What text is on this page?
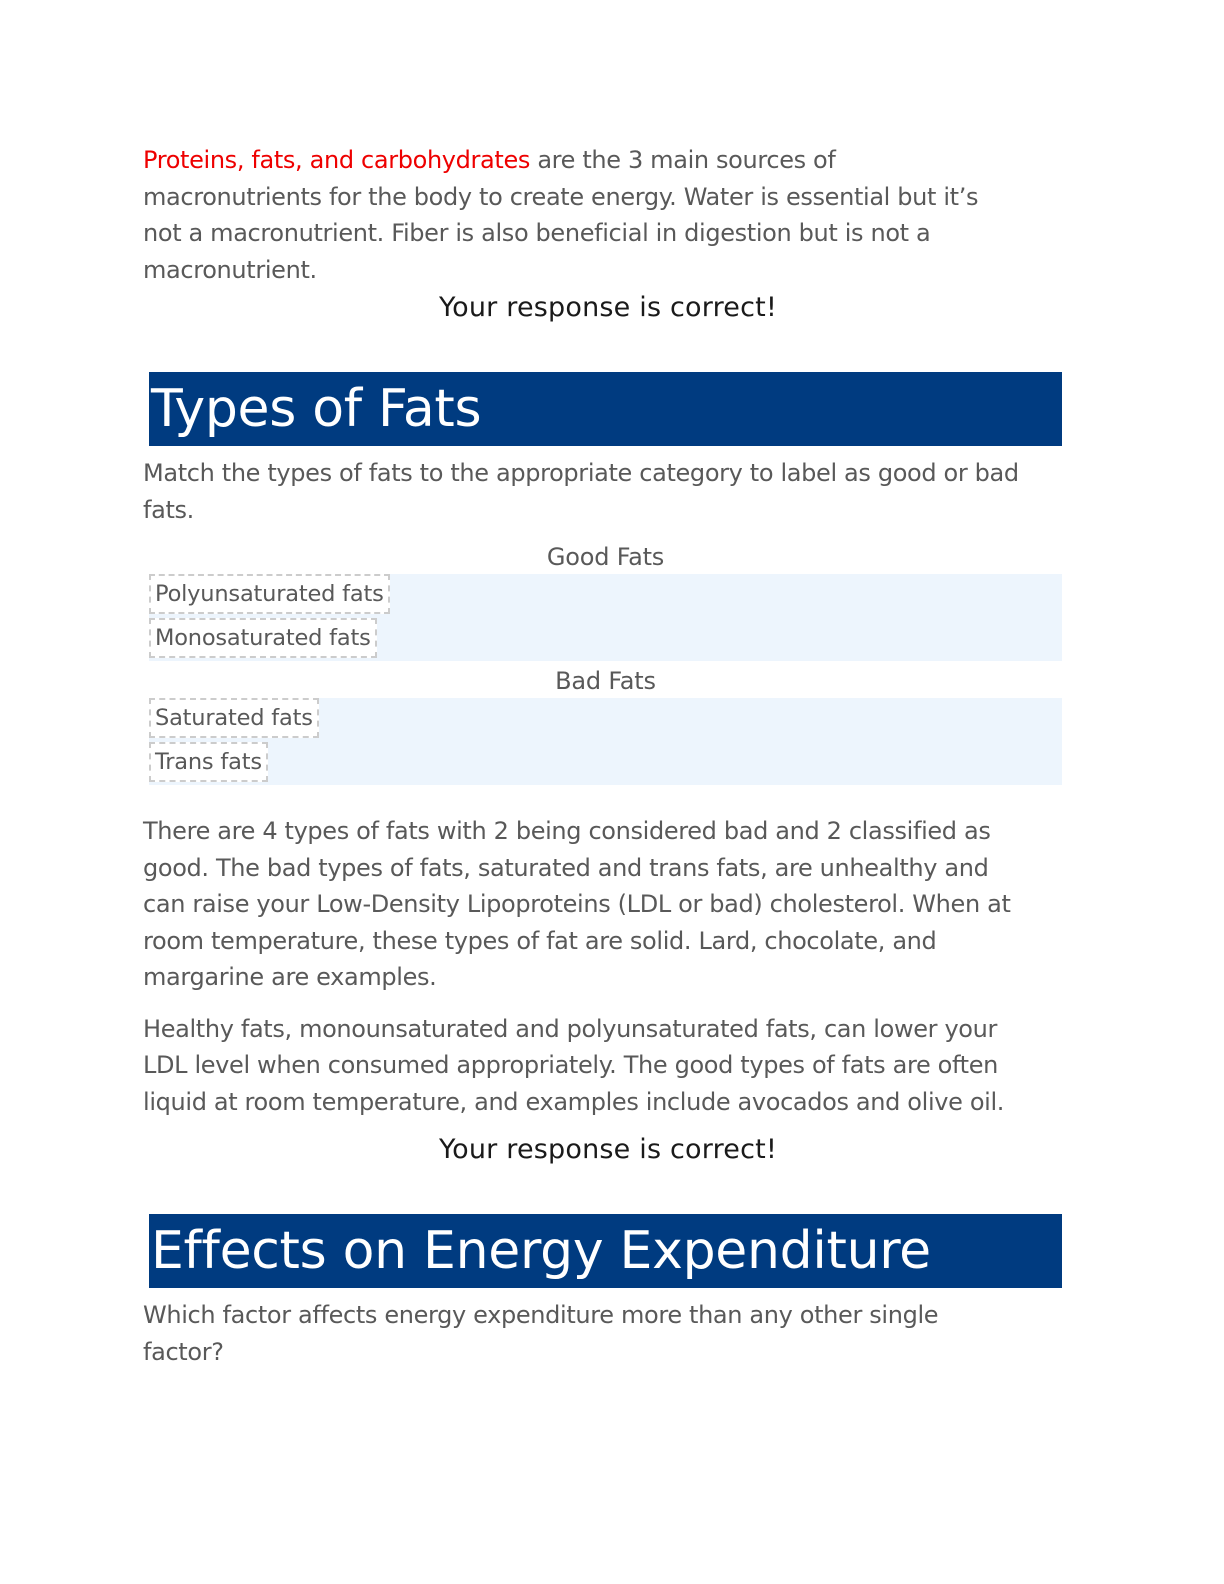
Proteins, fats, and carbohydrates are the 3 main sources of

macronutrients for the body to create energy. Water is essential but it’s

not a macronutrient. Fiber is also beneficial in digestion but is not a

macronutrient.

Your response is correct!

Types of Fats

Match the types of fats to the appropriate category to label as good or bad

fats.

Good Fats
Polyunsaturated fats
Monosaturated fats
Bad Fats
Saturated fats
Trans fats

There are 4 types of fats with 2 being considered bad and 2 classified as

good. The bad types of fats, saturated and trans fats, are unhealthy and

can raise your Low-Density Lipoproteins (LDL or bad) cholesterol. When at

room temperature, these types of fat are solid. Lard, chocolate, and

margarine are examples.

Healthy fats, monounsaturated and polyunsaturated fats, can lower your

LDL level when consumed appropriately. The good types of fats are often

liquid at room temperature, and examples include avocados and olive oil.

Your response is correct!

Effects on Energy Expenditure

Which factor affects energy expenditure more than any other single

factor?
